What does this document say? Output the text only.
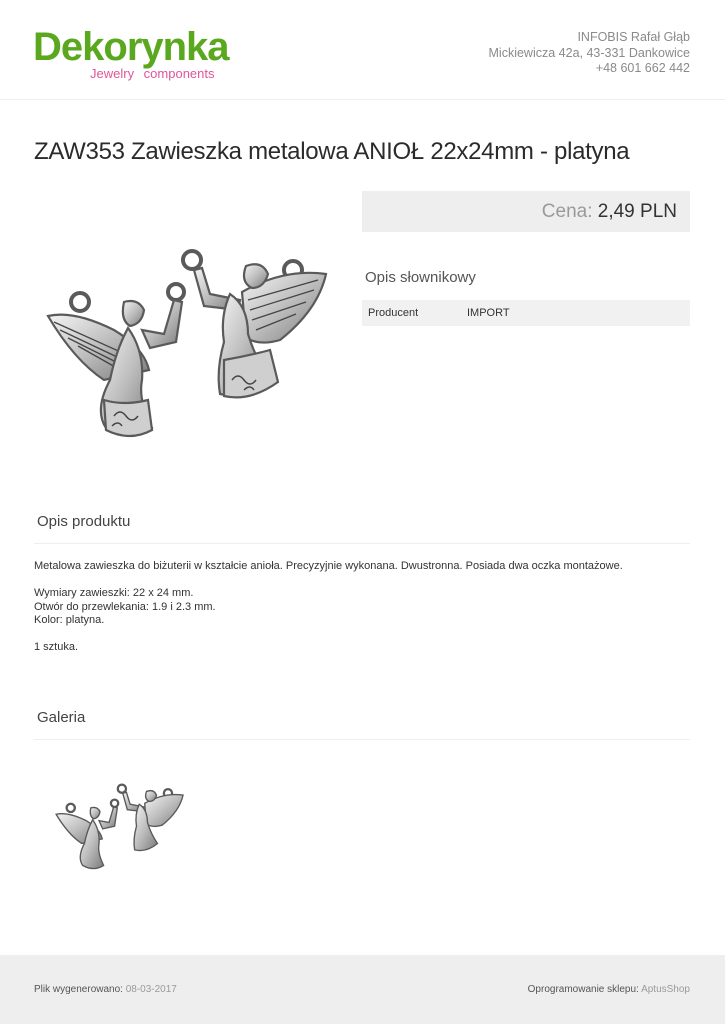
Dekorynka
Jewelry components
INFOBIS Rafał Głąb
Mickiewicza 42a, 43-331 Dankowice
+48 601 662 442
ZAW353 Zawieszka metalowa ANIOŁ 22x24mm - platyna
Cena: 2,49 PLN
Opis słownikowy
Producent	IMPORT
Opis produktu

Metalowa zawieszka do biżuterii w kształcie anioła. Precyzyjnie wykonana. Dwustronna. Posiada dwa oczka montażowe.

Wymiary zawieszki: 22 x 24 mm.
Otwór do przewlekania: 1.9 i 2.3 mm.
Kolor: platyna.

1 sztuka.

Galeria
Plik wygenerowano: 08-03-2017	Oprogramowanie sklepu: AptusShop
